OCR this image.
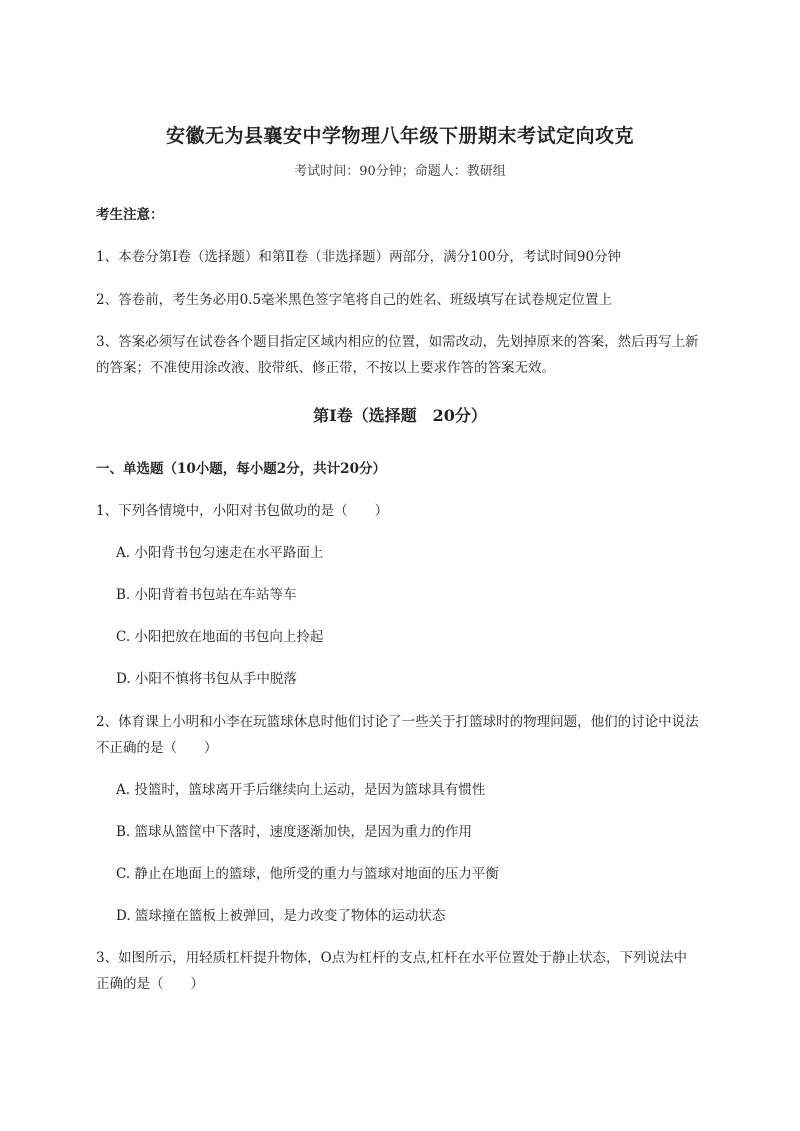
安徽无为县襄安中学物理八年级下册期末考试定向攻克
考试时间：90分钟；命题人：教研组
考生注意：
1、本卷分第Ⅰ卷（选择题）和第Ⅱ卷（非选择题）两部分，满分100分，考试时间90分钟
2、答卷前，考生务必用0.5毫米黑色签字笔将自己的姓名、班级填写在试卷规定位置上
3、答案必须写在试卷各个题目指定区域内相应的位置，如需改动，先划掉原来的答案，然后再写上新
的答案；不准使用涂改液、胶带纸、修正带，不按以上要求作答的答案无效。
第Ⅰ卷（选择题　20分）
一、单选题（10小题，每小题2分，共计20分）
1、下列各情境中，小阳对书包做功的是（　　）
A. 小阳背书包匀速走在水平路面上
B. 小阳背着书包站在车站等车
C. 小阳把放在地面的书包向上拎起
D. 小阳不慎将书包从手中脱落
2、体育课上小明和小李在玩篮球休息时他们讨论了一些关于打篮球时的物理问题，他们的讨论中说法
不正确的是（　　）
A. 投篮时，篮球离开手后继续向上运动，是因为篮球具有惯性
B. 篮球从篮筐中下落时，速度逐渐加快，是因为重力的作用
C. 静止在地面上的篮球，他所受的重力与篮球对地面的压力平衡
D. 篮球撞在篮板上被弹回，是力改变了物体的运动状态
3、如图所示，用轻质杠杆提升物体，O点为杠杆的支点,杠杆在水平位置处于静止状态，下列说法中
正确的是（　　）
